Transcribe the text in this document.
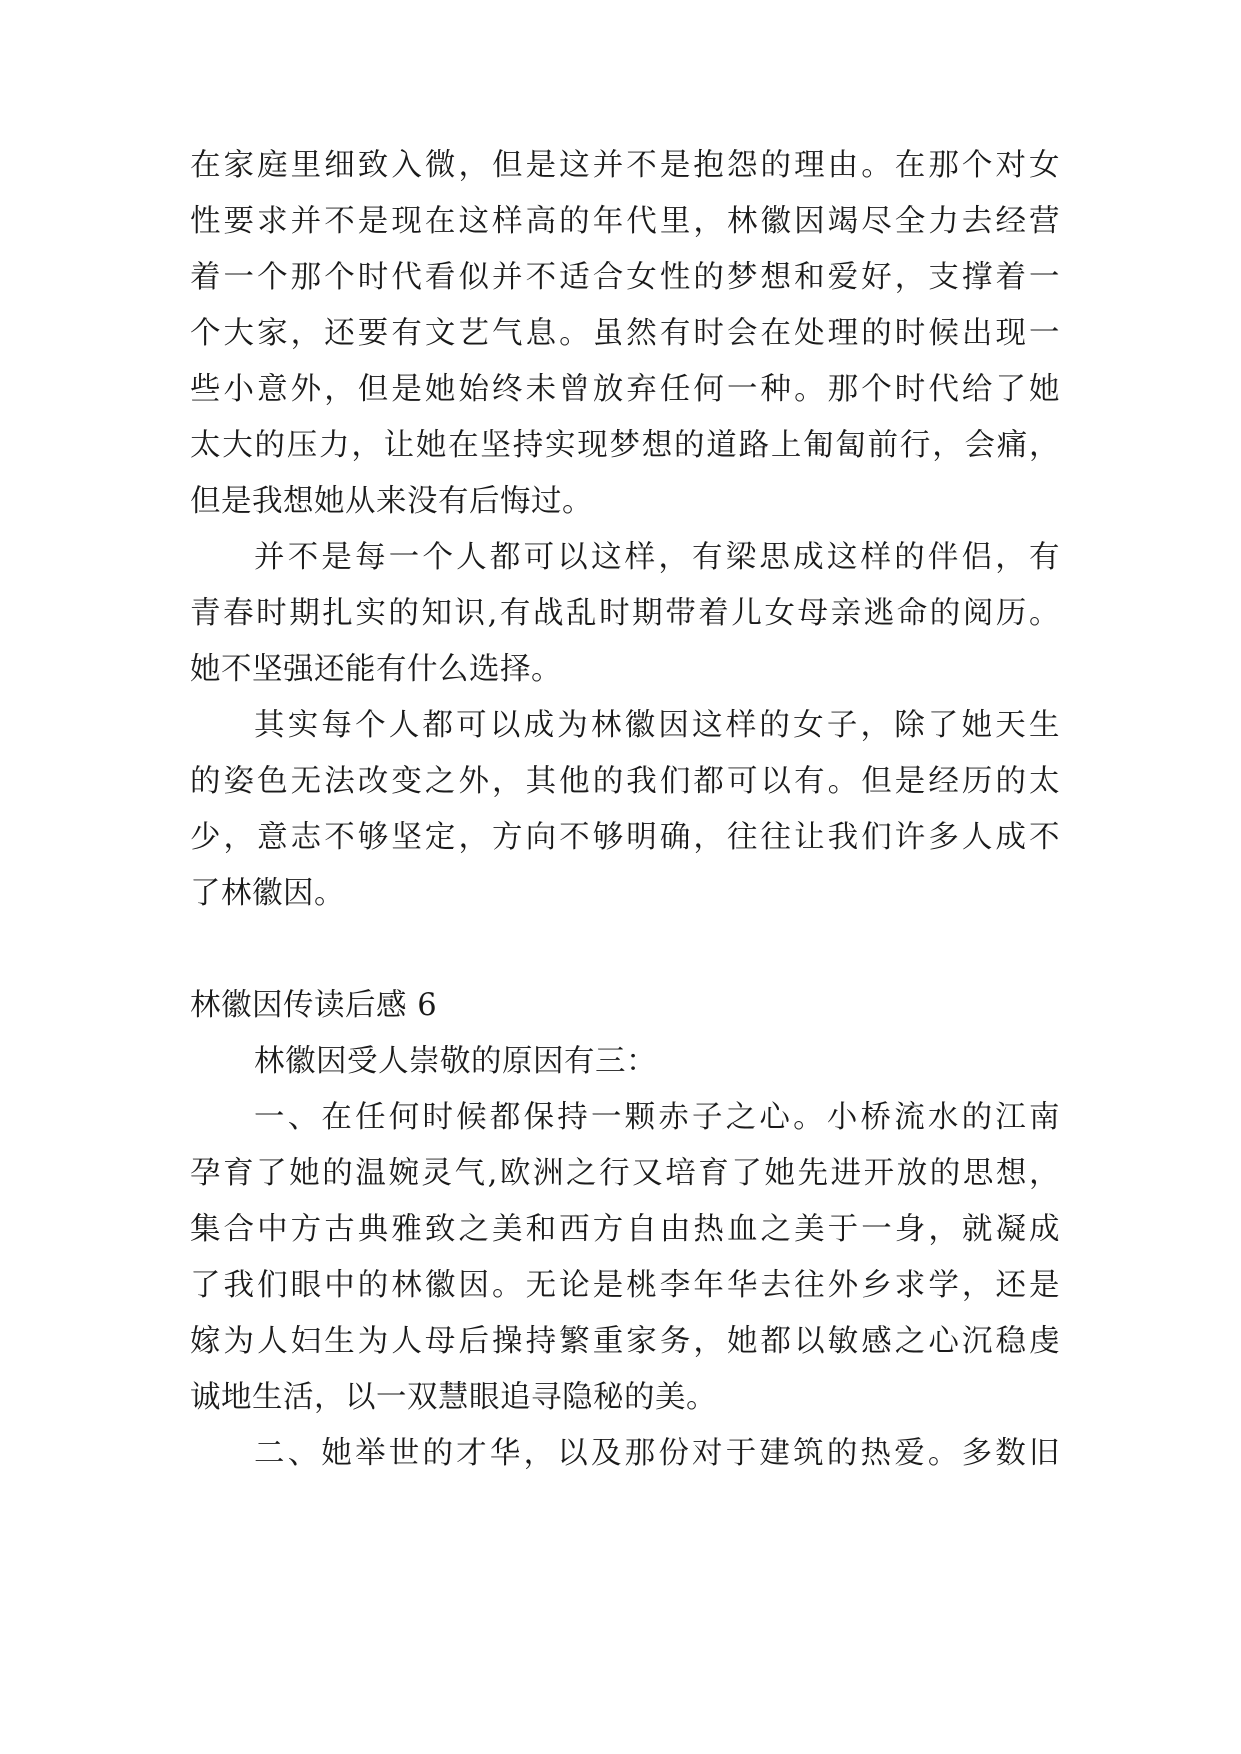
在家庭里细致入微，但是这并不是抱怨的理由。在那个对女
性要求并不是现在这样高的年代里，林徽因竭尽全力去经营
着一个那个时代看似并不适合女性的梦想和爱好，支撑着一
个大家，还要有文艺气息。虽然有时会在处理的时候出现一
些小意外，但是她始终未曾放弃任何一种。那个时代给了她
太大的压力，让她在坚持实现梦想的道路上匍匐前行，会痛，
但是我想她从来没有后悔过。
并不是每一个人都可以这样，有梁思成这样的伴侣，有
青春时期扎实的知识,有战乱时期带着儿女母亲逃命的阅历。
她不坚强还能有什么选择。
其实每个人都可以成为林徽因这样的女子，除了她天生
的姿色无法改变之外，其他的我们都可以有。但是经历的太
少，意志不够坚定，方向不够明确，往往让我们许多人成不
了林徽因。
林徽因传读后感 6
林徽因受人崇敬的原因有三：
一、在任何时候都保持一颗赤子之心。小桥流水的江南
孕育了她的温婉灵气,欧洲之行又培育了她先进开放的思想，
集合中方古典雅致之美和西方自由热血之美于一身，就凝成
了我们眼中的林徽因。无论是桃李年华去往外乡求学，还是
嫁为人妇生为人母后操持繁重家务，她都以敏感之心沉稳虔
诚地生活，以一双慧眼追寻隐秘的美。
二、她举世的才华，以及那份对于建筑的热爱。多数旧
